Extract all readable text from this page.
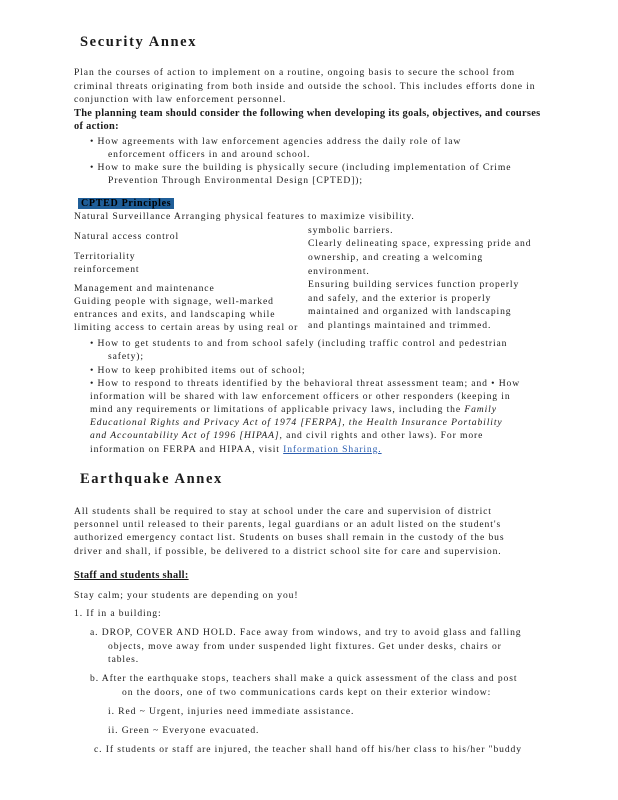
Security Annex
Plan the courses of action to implement on a routine, ongoing basis to secure the school from criminal threats originating from both inside and outside the school. This includes efforts done in conjunction with law enforcement personnel.
The planning team should consider the following when developing its goals, objectives, and courses of action:
• How agreements with law enforcement agencies address the daily role of law
enforcement officers in and around school.
• How to make sure the building is physically secure (including implementation of Crime
Prevention Through Environmental Design [CPTED]);
CPTED Principles
Natural Surveillance Arranging physical features to maximize visibility.
Natural access control
Territoriality
reinforcement
Management and maintenance
Guiding people with signage, well-marked
entrances and exits, and landscaping while
limiting access to certain areas by using real or
symbolic barriers.
Clearly delineating space, expressing pride and
ownership, and creating a welcoming
environment.
Ensuring building services function properly
and safely, and the exterior is properly
maintained and organized with landscaping
and plantings maintained and trimmed.
• How to get students to and from school safely (including traffic control and pedestrian
safety);
• How to keep prohibited items out of school;
• How to respond to threats identified by the behavioral threat assessment team; and • How
information will be shared with law enforcement officers or other responders (keeping in
mind any requirements or limitations of applicable privacy laws, including the Family
Educational Rights and Privacy Act of 1974 [FERPA], the Health Insurance Portability
and Accountability Act of 1996 [HIPAA], and civil rights and other laws). For more
information on FERPA and HIPAA, visit Information Sharing.
Earthquake Annex
All students shall be required to stay at school under the care and supervision of district
personnel until released to their parents, legal guardians or an adult listed on the student's
authorized emergency contact list. Students on buses shall remain in the custody of the bus
driver and shall, if possible, be delivered to a district school site for care and supervision.
Staff and students shall:
Stay calm; your students are depending on you!
1. If in a building:
a. DROP, COVER AND HOLD. Face away from windows, and try to avoid glass and falling
objects, move away from under suspended light fixtures. Get under desks, chairs or
tables.
b. After the earthquake stops, teachers shall make a quick assessment of the class and post
on the doors, one of two communications cards kept on their exterior window:
i. Red ~ Urgent, injuries need immediate assistance.
ii. Green ~ Everyone evacuated.
c. If students or staff are injured, the teacher shall hand off his/her class to his/her "buddy
